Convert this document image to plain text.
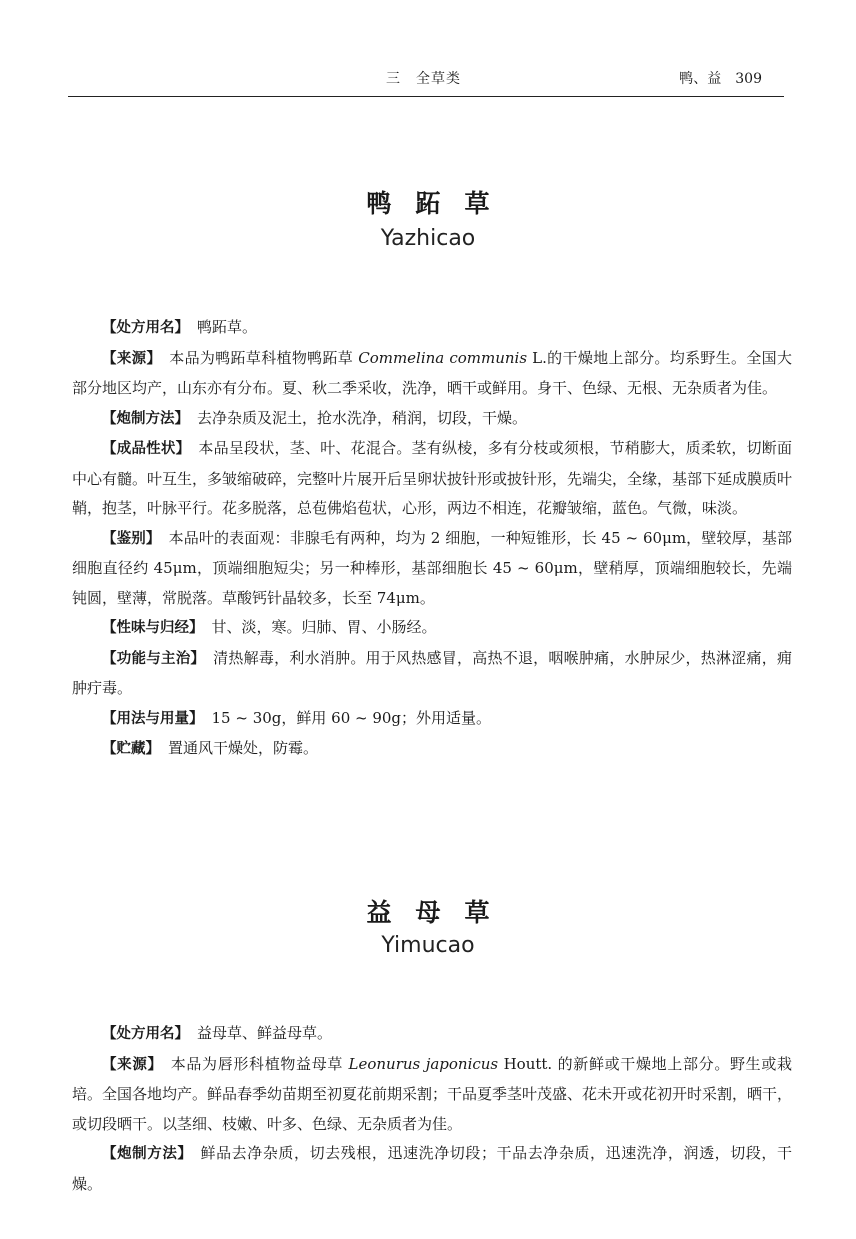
三　全草类	鸭、益　309
鸭跖草
Yazhicao

【处方用名】 鸭跖草。

【来源】 本品为鸭跖草科植物鸭跖草 Commelina communis L.的干燥地上部分。均系野生。全国大部分地区均产，山东亦有分布。夏、秋二季采收，洗净，晒干或鲜用。身干、色绿、无根、无杂质者为佳。

【炮制方法】 去净杂质及泥土，抢水洗净，稍润，切段，干燥。

【成品性状】 本品呈段状，茎、叶、花混合。茎有纵棱，多有分枝或须根，节稍膨大，质柔软，切断面中心有髓。叶互生，多皱缩破碎，完整叶片展开后呈卵状披针形或披针形，先端尖，全缘，基部下延成膜质叶鞘，抱茎，叶脉平行。花多脱落，总苞佛焰苞状，心形，两边不相连，花瓣皱缩，蓝色。气微，味淡。

【鉴别】 本品叶的表面观：非腺毛有两种，均为 2 细胞，一种短锥形，长 45 ~ 60μm，壁较厚，基部细胞直径约 45μm，顶端细胞短尖；另一种棒形，基部细胞长 45 ~ 60μm，壁稍厚，顶端细胞较长，先端钝圆，壁薄，常脱落。草酸钙针晶较多，长至 74μm。

【性味与归经】 甘、淡，寒。归肺、胃、小肠经。

【功能与主治】 清热解毒，利水消肿。用于风热感冒，高热不退，咽喉肿痛，水肿尿少，热淋涩痛，痈肿疔毒。

【用法与用量】 15 ~ 30g，鲜用 60 ~ 90g；外用适量。

【贮藏】 置通风干燥处，防霉。

益母草
Yimucao

【处方用名】 益母草、鲜益母草。

【来源】 本品为唇形科植物益母草 Leonurus japonicus Houtt. 的新鲜或干燥地上部分。野生或栽培。全国各地均产。鲜品春季幼苗期至初夏花前期采割；干品夏季茎叶茂盛、花未开或花初开时采割，晒干，或切段晒干。以茎细、枝嫩、叶多、色绿、无杂质者为佳。

【炮制方法】 鲜品去净杂质，切去残根，迅速洗净切段；干品去净杂质，迅速洗净，润透，切段，干燥。
